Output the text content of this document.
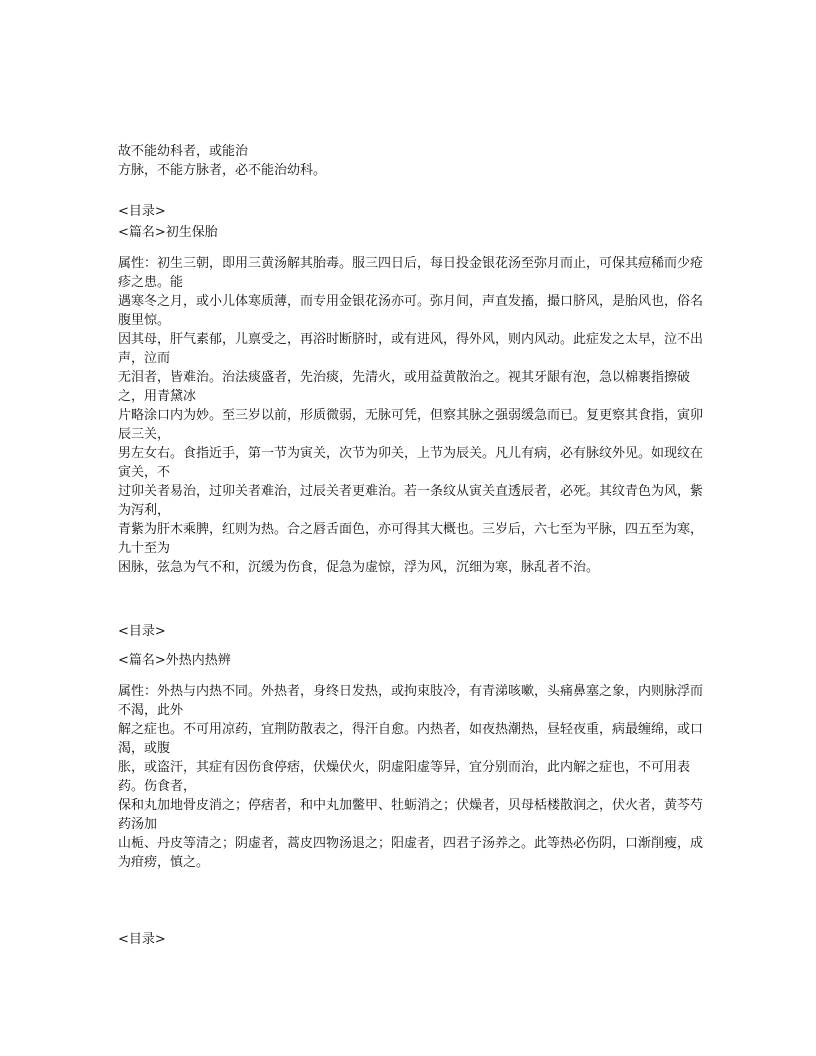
故不能幼科者，或能治

方脉，不能方脉者，必不能治幼科。

<目录>

<篇名>初生保胎

属性：初生三朝，即用三黄汤解其胎毒。服三四日后，每日投金银花汤至弥月而止，可保其痘稀而少疮疹之患。能

遇寒冬之月，或小儿体寒质薄，而专用金银花汤亦可。弥月间，声直发搐，撮口脐风，是胎风也，俗名腹里惊。

因其母，肝气素郁，儿禀受之，再浴时断脐时，或有进风，得外风，则内风动。此症发之太早，泣不出声，泣而

无泪者，皆难治。治法痰盛者，先治痰，先清火，或用益黄散治之。视其牙龈有泡，急以棉裹指擦破之，用青黛冰

片略涂口内为妙。至三岁以前，形质微弱，无脉可凭，但察其脉之强弱缓急而已。复更察其食指，寅卯辰三关，

男左女右。食指近手，第一节为寅关，次节为卯关，上节为辰关。凡儿有病，必有脉纹外见。如现纹在寅关，不

过卯关者易治，过卯关者难治，过辰关者更难治。若一条纹从寅关直透辰者，必死。其纹青色为风，紫为泻利，

青紫为肝木乘脾，红则为热。合之唇舌面色，亦可得其大概也。三岁后，六七至为平脉，四五至为寒，九十至为

困脉，弦急为气不和，沉缓为伤食，促急为虚惊，浮为风，沉细为寒，脉乱者不治。

<目录>

<篇名>外热内热辨

属性：外热与内热不同。外热者，身终日发热，或拘束肢冷，有青涕咳嗽，头痛鼻塞之象，内则脉浮而不渴，此外

解之症也。不可用凉药，宜荆防散表之，得汗自愈。内热者，如夜热潮热，昼轻夜重，病最缠绵，或口渴，或腹

胀，或盗汗，其症有因伤食停痞，伏燥伏火，阴虚阳虚等异，宜分别而治，此内解之症也，不可用表药。伤食者，

保和丸加地骨皮消之；停痞者，和中丸加鳖甲、牡蛎消之；伏燥者，贝母栝楼散润之，伏火者，黄芩芍药汤加

山栀、丹皮等清之；阴虚者，蒿皮四物汤退之；阳虚者，四君子汤养之。此等热必伤阴，口渐削瘦，成为疳痨，慎之。

<目录>
